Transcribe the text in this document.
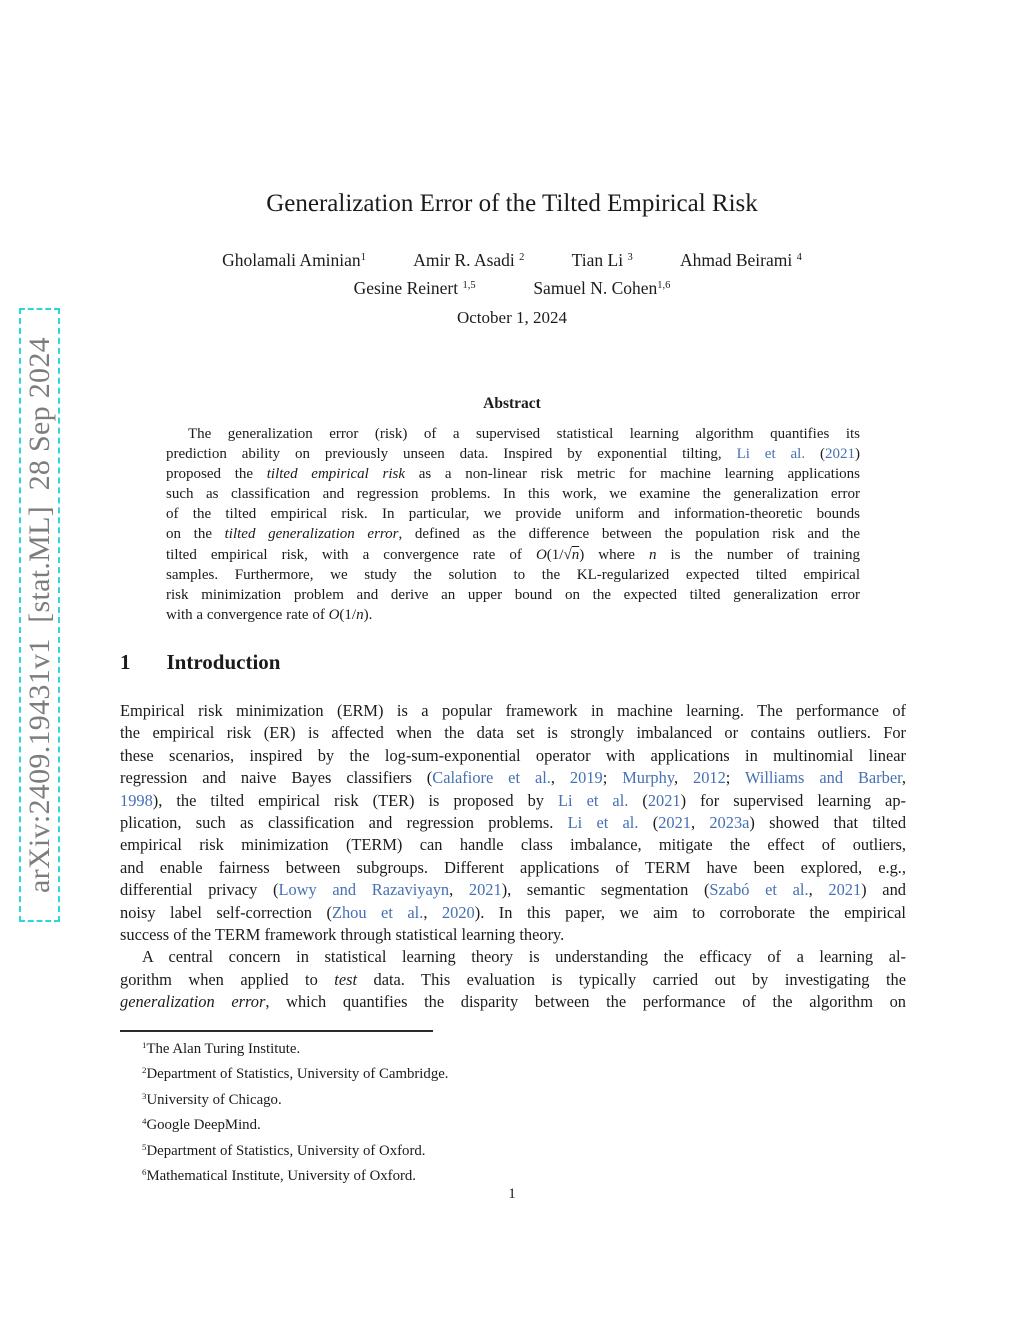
arXiv:2409.19431v1  [stat.ML]  28 Sep 2024
Generalization Error of the Tilted Empirical Risk
Gholamali Aminian$^1$	Amir R. Asadi $^2$	Tian Li $^3$	Ahmad Beirami $^4$
Gesine Reinert $^{1,5}$	Samuel N. Cohen$^{1,6}$
October 1, 2024
Abstract
The generalization error (risk) of a supervised statistical learning algorithm quantifies its
prediction ability on previously unseen data. Inspired by exponential tilting, Li et al. (2021)
proposed the tilted empirical risk as a non-linear risk metric for machine learning applications
such as classification and regression problems. In this work, we examine the generalization error
of the tilted empirical risk. In particular, we provide uniform and information-theoretic bounds
on the tilted generalization error, defined as the difference between the population risk and the
tilted empirical risk, with a convergence rate of O(1/√n) where n is the number of training
samples. Furthermore, we study the solution to the KL-regularized expected tilted empirical
risk minimization problem and derive an upper bound on the expected tilted generalization error
with a convergence rate of O(1/n).
1 Introduction
Empirical risk minimization (ERM) is a popular framework in machine learning. The performance of
the empirical risk (ER) is affected when the data set is strongly imbalanced or contains outliers. For
these scenarios, inspired by the log-sum-exponential operator with applications in multinomial linear
regression and naive Bayes classifiers (Calafiore et al., 2019; Murphy, 2012; Williams and Barber,
1998), the tilted empirical risk (TER) is proposed by Li et al. (2021) for supervised learning ap-
plication, such as classification and regression problems. Li et al. (2021, 2023a) showed that tilted
empirical risk minimization (TERM) can handle class imbalance, mitigate the effect of outliers,
and enable fairness between subgroups. Different applications of TERM have been explored, e.g.,
differential privacy (Lowy and Razaviyayn, 2021), semantic segmentation (Szabó et al., 2021) and
noisy label self-correction (Zhou et al., 2020). In this paper, we aim to corroborate the empirical
success of the TERM framework through statistical learning theory.
A central concern in statistical learning theory is understanding the efficacy of a learning al-
gorithm when applied to test data. This evaluation is typically carried out by investigating the
generalization error, which quantifies the disparity between the performance of the algorithm on
$^1$The Alan Turing Institute.
$^2$Department of Statistics, University of Cambridge.
$^3$University of Chicago.
$^4$Google DeepMind.
$^5$Department of Statistics, University of Oxford.
$^6$Mathematical Institute, University of Oxford.
1
